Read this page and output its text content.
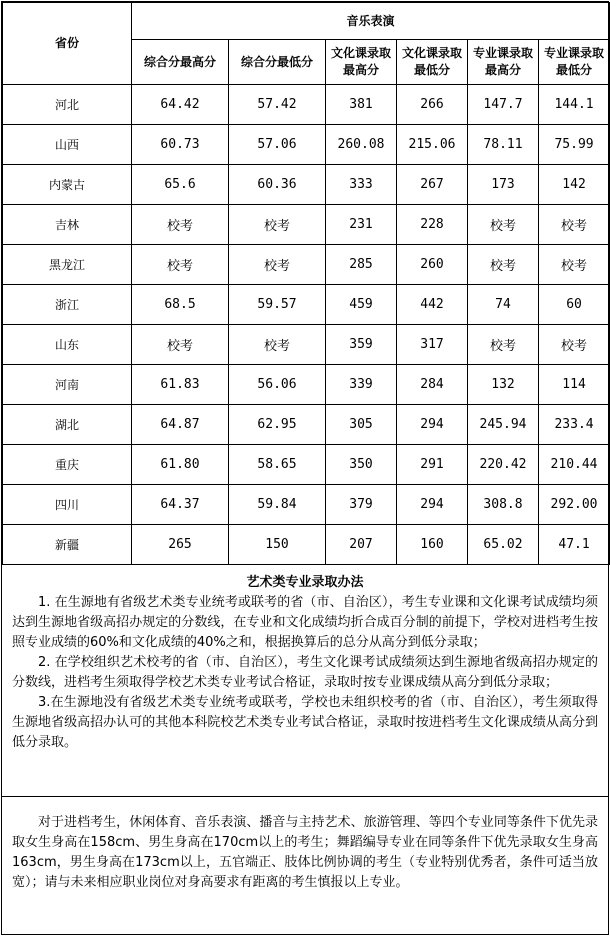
省份	音乐表演					
	综合分最高分	综合分最低分	文化课录取最高分	文化课录取最低分	专业课录取最高分	专业课录取最低分
河北	64.42	57.42	381	266	147.7	144.1
山西	60.73	57.06	260.08	215.06	78.11	75.99
内蒙古	65.6	60.36	333	267	173	142
吉林	校考	校考	231	228	校考	校考
黑龙江	校考	校考	285	260	校考	校考
浙江	68.5	59.57	459	442	74	60
山东	校考	校考	359	317	校考	校考
河南	61.83	56.06	339	284	132	114
湖北	64.87	62.95	305	294	245.94	233.4
重庆	61.80	58.65	350	291	220.42	210.44
四川	64.37	59.84	379	294	308.8	292.00
新疆	265	150	207	160	65.02	47.1
艺术类专业录取办法

1. 在生源地有省级艺术类专业统考或联考的省（市、自治区），考生专业课和文化课考试成绩均须达到生源地省级高招办规定的分数线，在专业和文化成绩均折合成百分制的前提下，学校对进档考生按照专业成绩的60%和文化成绩的40%之和，根据换算后的总分从高分到低分录取；

2. 在学校组织艺术校考的省（市、自治区），考生文化课考试成绩须达到生源地省级高招办规定的分数线，进档考生须取得学校艺术类专业考试合格证，录取时按专业课成绩从高分到低分录取；

3.在生源地没有省级艺术类专业统考或联考，学校也未组织校考的省（市、自治区），考生须取得生源地省级高招办认可的其他本科院校艺术类专业考试合格证，录取时按进档考生文化课成绩从高分到低分录取。

对于进档考生，休闲体育、音乐表演、播音与主持艺术、旅游管理、等四个专业同等条件下优先录取女生身高在158cm、男生身高在170cm以上的考生；舞蹈编导专业在同等条件下优先录取女生身高163cm，男生身高在173cm以上，五官端正、肢体比例协调的考生（专业特别优秀者，条件可适当放宽）；请与未来相应职业岗位对身高要求有距离的考生慎报以上专业。
